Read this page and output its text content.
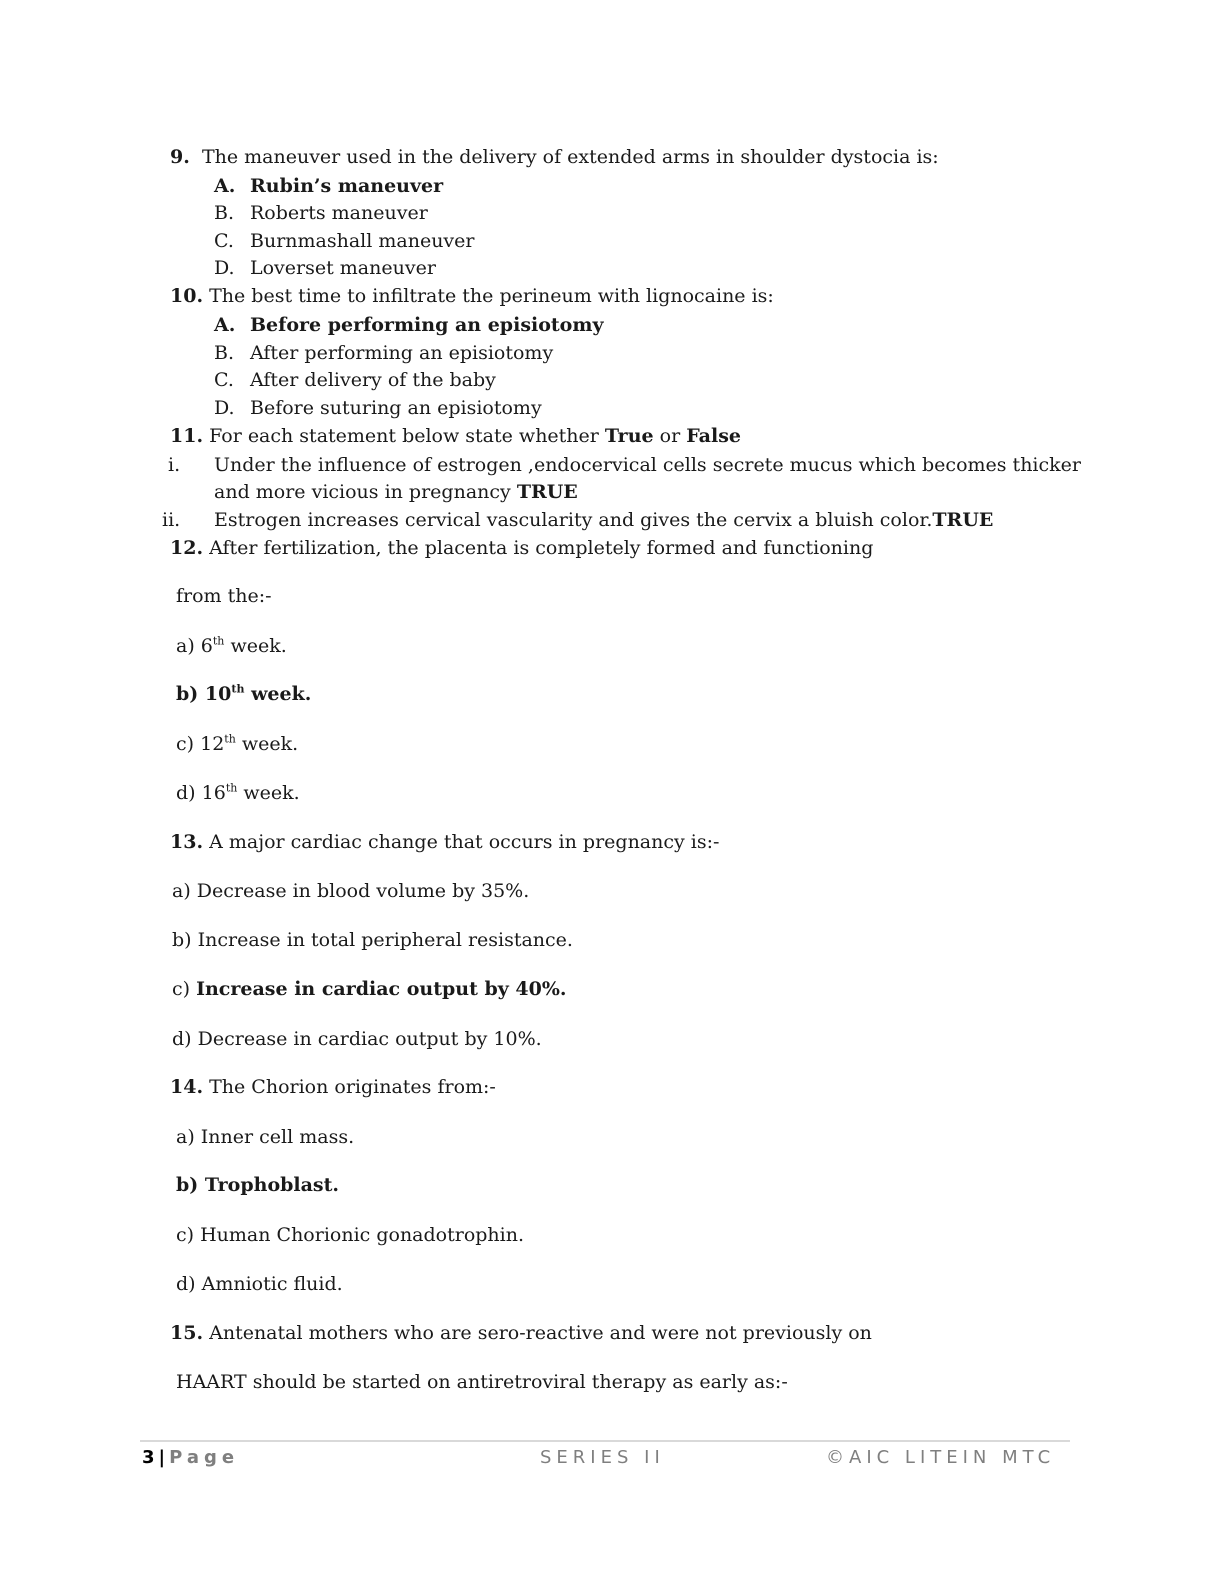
9. The maneuver used in the delivery of extended arms in shoulder dystocia is:
A. Rubin’s maneuver
B. Roberts maneuver
C. Burnmashall maneuver
D. Loverset maneuver
10. The best time to infiltrate the perineum with lignocaine is:
A. Before performing an episiotomy
B. After performing an episiotomy
C. After delivery of the baby
D. Before suturing an episiotomy
11. For each statement below state whether True or False
i. Under the influence of estrogen ,endocervical cells secrete mucus which becomes thicker
and more vicious in pregnancy TRUE
ii. Estrogen increases cervical vascularity and gives the cervix a bluish color.TRUE
12. After fertilization, the placenta is completely formed and functioning
from the:-
a) 6th week.
b) 10th week.
c) 12th week.
d) 16th week.
13. A major cardiac change that occurs in pregnancy is:-
a) Decrease in blood volume by 35%.
b) Increase in total peripheral resistance.
c) Increase in cardiac output by 40%.
d) Decrease in cardiac output by 10%.
14. The Chorion originates from:-
a) Inner cell mass.
b) Trophoblast.
c) Human Chorionic gonadotrophin.
d) Amniotic fluid.
15. Antenatal mothers who are sero-reactive and were not previously on
HAART should be started on antiretroviral therapy as early as:-
3 | Page	SERIES II	©AIC LITEIN MTC
